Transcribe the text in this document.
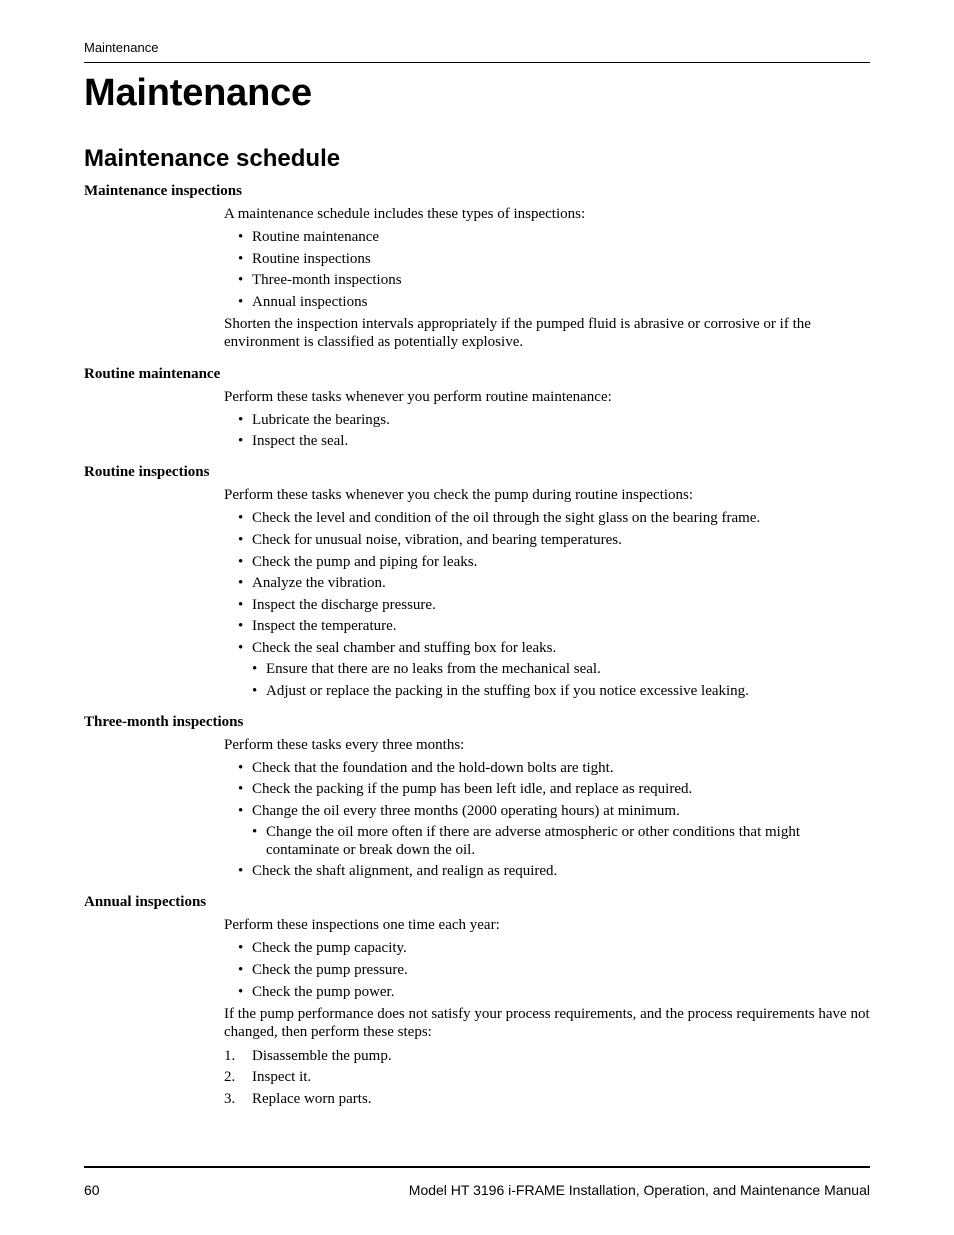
Maintenance
Maintenance
Maintenance schedule
Maintenance inspections

A maintenance schedule includes these types of inspections:

• Routine maintenance
• Routine inspections
• Three-month inspections
• Annual inspections

Shorten the inspection intervals appropriately if the pumped fluid is abrasive or corrosive or if the environment is classified as potentially explosive.

Routine maintenance

Perform these tasks whenever you perform routine maintenance:

• Lubricate the bearings.
• Inspect the seal.
Routine inspections

Perform these tasks whenever you check the pump during routine inspections:

• Check the level and condition of the oil through the sight glass on the bearing frame.
• Check for unusual noise, vibration, and bearing temperatures.
• Check the pump and piping for leaks.
• Analyze the vibration.
• Inspect the discharge pressure.
• Inspect the temperature.
• Check the seal chamber and stuffing box for leaks.
• Ensure that there are no leaks from the mechanical seal.
• Adjust or replace the packing in the stuffing box if you notice excessive leaking.
Three-month inspections

Perform these tasks every three months:

• Check that the foundation and the hold-down bolts are tight.
• Check the packing if the pump has been left idle, and replace as required.
• Change the oil every three months (2000 operating hours) at minimum.
• Change the oil more often if there are adverse atmospheric or other conditions that might contaminate or break down the oil.
• Check the shaft alignment, and realign as required.
Annual inspections

Perform these inspections one time each year:

• Check the pump capacity.
• Check the pump pressure.
• Check the pump power.

If the pump performance does not satisfy your process requirements, and the process requirements have not changed, then perform these steps:

1. Disassemble the pump.
2. Inspect it.
3. Replace worn parts.
60	Model HT 3196 i-FRAME Installation, Operation, and Maintenance Manual
